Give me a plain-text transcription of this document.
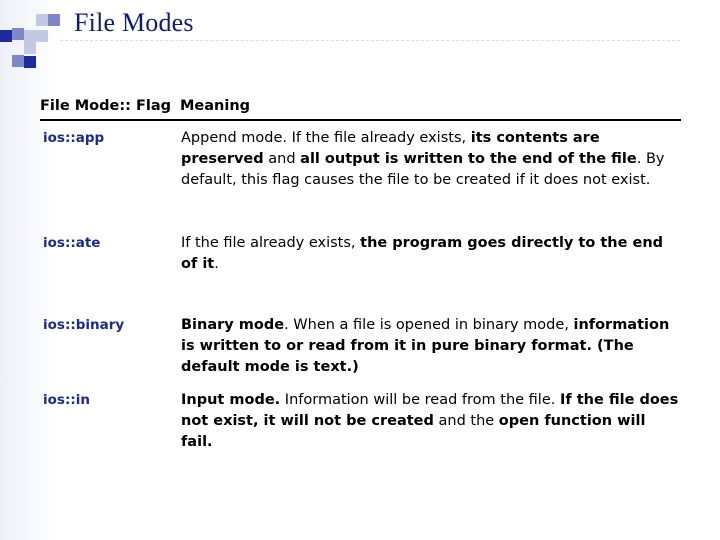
File Modes
File Mode:: Flag	Meaning
ios::app	Append mode. If the file already exists, its contents are preserved and all output is written to the end of the file. By default, this flag causes the file to be created if it does not exist.
ios::ate	If the file already exists, the program goes directly to the end of it.
ios::binary	Binary mode. When a file is opened in binary mode, information is written to or read from it in pure binary format. (The default mode is text.)
ios::in	Input mode. Information will be read from the file. If the file does not exist, it will not be created and the open function will fail.
